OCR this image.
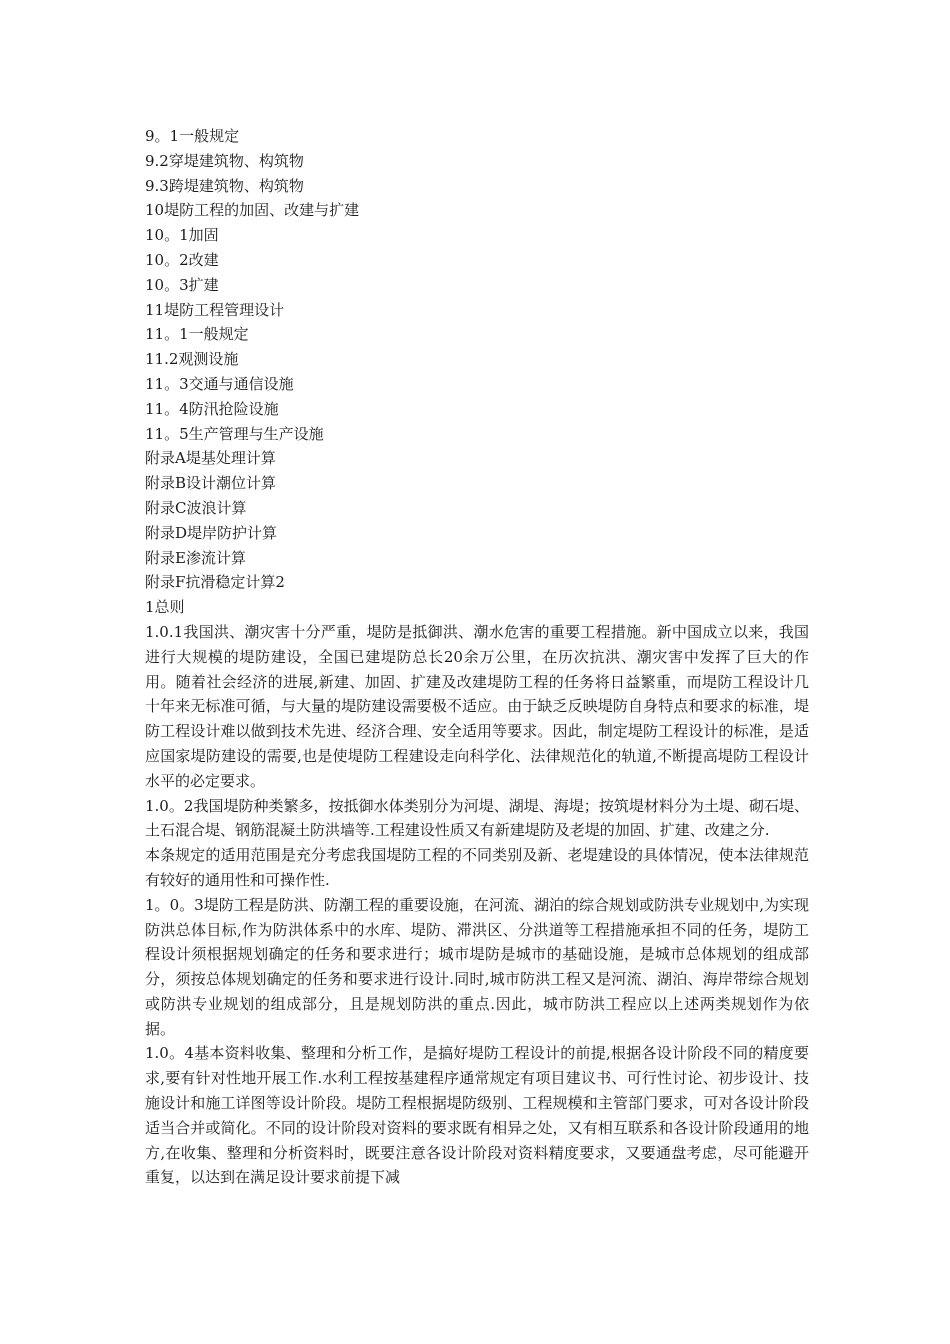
9。1一般规定
9.2穿堤建筑物、构筑物
9.3跨堤建筑物、构筑物
10堤防工程的加固、改建与扩建
10。1加固
10。2改建
10。3扩建
11堤防工程管理设计
11。1一般规定
11.2观测设施
11。3交通与通信设施
11。4防汛抢险设施
11。5生产管理与生产设施
附录A堤基处理计算
附录B设计潮位计算
附录C波浪计算
附录D堤岸防护计算
附录E渗流计算
附录F抗滑稳定计算2
1总则

1.0.1我国洪、潮灾害十分严重，堤防是抵御洪、潮水危害的重要工程措施。新中国成立以来，我国进行大规模的堤防建设，全国已建堤防总长20余万公里，在历次抗洪、潮灾害中发挥了巨大的作用。随着社会经济的进展,新建、加固、扩建及改建堤防工程的任务将日益繁重，而堤防工程设计几十年来无标准可循，与大量的堤防建设需要极不适应。由于缺乏反映堤防自身特点和要求的标准，堤防工程设计难以做到技术先进、经济合理、安全适用等要求。因此，制定堤防工程设计的标准，是适应国家堤防建设的需要,也是使堤防工程建设走向科学化、法律规范化的轨道,不断提高堤防工程设计水平的必定要求。

1.0。2我国堤防种类繁多，按抵御水体类别分为河堤、湖堤、海堤；按筑堤材料分为土堤、砌石堤、土石混合堤、钢筋混凝土防洪墙等.工程建设性质又有新建堤防及老堤的加固、扩建、改建之分.

本条规定的适用范围是充分考虑我国堤防工程的不同类别及新、老堤建设的具体情况，使本法律规范有较好的通用性和可操作性.

1。0。3堤防工程是防洪、防潮工程的重要设施，在河流、湖泊的综合规划或防洪专业规划中,为实现防洪总体目标,作为防洪体系中的水库、堤防、滞洪区、分洪道等工程措施承担不同的任务，堤防工程设计须根据规划确定的任务和要求进行；城市堤防是城市的基础设施，是城市总体规划的组成部分，须按总体规划确定的任务和要求进行设计.同时,城市防洪工程又是河流、湖泊、海岸带综合规划或防洪专业规划的组成部分，且是规划防洪的重点.因此，城市防洪工程应以上述两类规划作为依据。

1.0。4基本资料收集、整理和分析工作，是搞好堤防工程设计的前提,根据各设计阶段不同的精度要求,要有针对性地开展工作.水利工程按基建程序通常规定有项目建议书、可行性讨论、初步设计、技施设计和施工详图等设计阶段。堤防工程根据堤防级别、工程规模和主管部门要求，可对各设计阶段适当合并或简化。不同的设计阶段对资料的要求既有相异之处，又有相互联系和各设计阶段通用的地方,在收集、整理和分析资料时，既要注意各设计阶段对资料精度要求，又要通盘考虑，尽可能避开重复，以达到在满足设计要求前提下减
